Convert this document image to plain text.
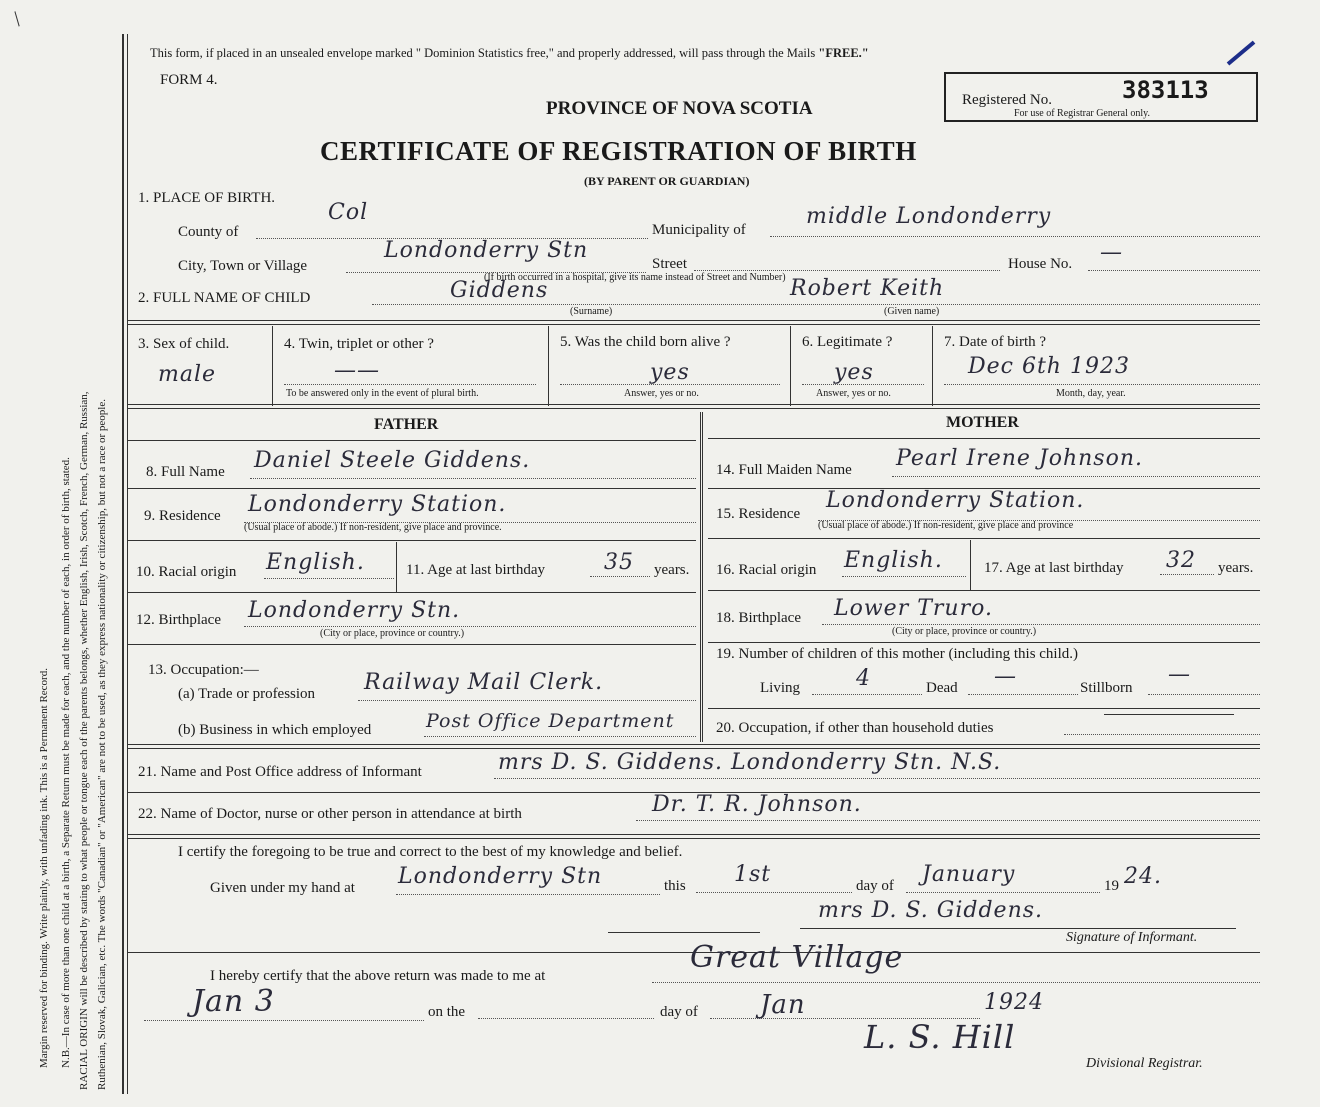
Margin reserved for binding. Write plainly, with unfading ink. This is a Permanent Record. N.B.—In case of more than one child at a birth, a Separate Return must be made for each, and the number of each, in order of birth, stated. RACIAL ORIGIN will be described by stating to what people or tongue each of the parents belongs, whether English, Irish, Scotch, French, German, Russian, Ruthenian, Slovak, Galician, etc. The words "Canadian" or "American" are not to be used, as they express nationality or citizenship, but not a race or people.
/
This form, if placed in an unsealed envelope marked " Dominion Statistics free," and properly addressed, will pass through the Mails "FREE."
FORM 4.
PROVINCE OF NOVA SCOTIA
CERTIFICATE OF REGISTRATION OF BIRTH
(BY PARENT OR GUARDIAN)
Registered No.	383113
For use of Registrar General only.
1. PLACE OF BIRTH.
County of
Col
Municipality of
middle Londonderry
City, Town or Village
Londonderry Stn
Street
(If birth occurred in a hospital, give its name instead of Street and Number)
House No. —
2. FULL NAME OF CHILD	Giddens	Robert Keith
(Surname)	(Given name)
3. Sex of child.
male
4. Twin, triplet or other ?
——
To be answered only in the event of plural birth.
5. Was the child born alive ?
yes
Answer, yes or no.
6. Legitimate ?
yes
Answer, yes or no.
7. Date of birth ?
Dec 6th 1923
Month, day, year.
FATHER	MOTHER
8. Full Name Daniel Steele Giddens.
9. Residence Londonderry Station.
(Usual place of abode.) If non-resident, give place and province.
10. Racial origin English.	11. Age at last birthday	35 years.
12. Birthplace Londonderry Stn.
(City or place, province or country.)
13. Occupation:—
(a) Trade or profession Railway Mail Clerk.
(b) Business in which employed	Post Office Department
14. Full Maiden Name Pearl Irene Johnson.
15. Residence
Londonderry Station.
(Usual place of abode.) If non-resident, give place and province
16. Racial origin English.	17. Age at last birthday 32 years.
18. Birthplace Lower Truro.
(City or place, province or country.)
19. Number of children of this mother (including this child.)
Living	4	Dead —	Stillborn
—
20. Occupation, if other than household duties
21. Name and Post Office address of Informant	mrs D. S. Giddens. Londonderry Stn. N.S.
22. Name of Doctor, nurse or other person in attendance at birth	Dr. T. R. Johnson.
I certify the foregoing to be true and correct to the best of my knowledge and belief.
Given under my hand at Londonderry Stn	this 1st	day of January	19 24.
mrs D. S. Giddens.
Signature of Informant.
I hereby certify that the above return was made to me at
Great Village
Jan 3	on the	day of Jan	1924
L. S. Hill
Divisional Registrar.
